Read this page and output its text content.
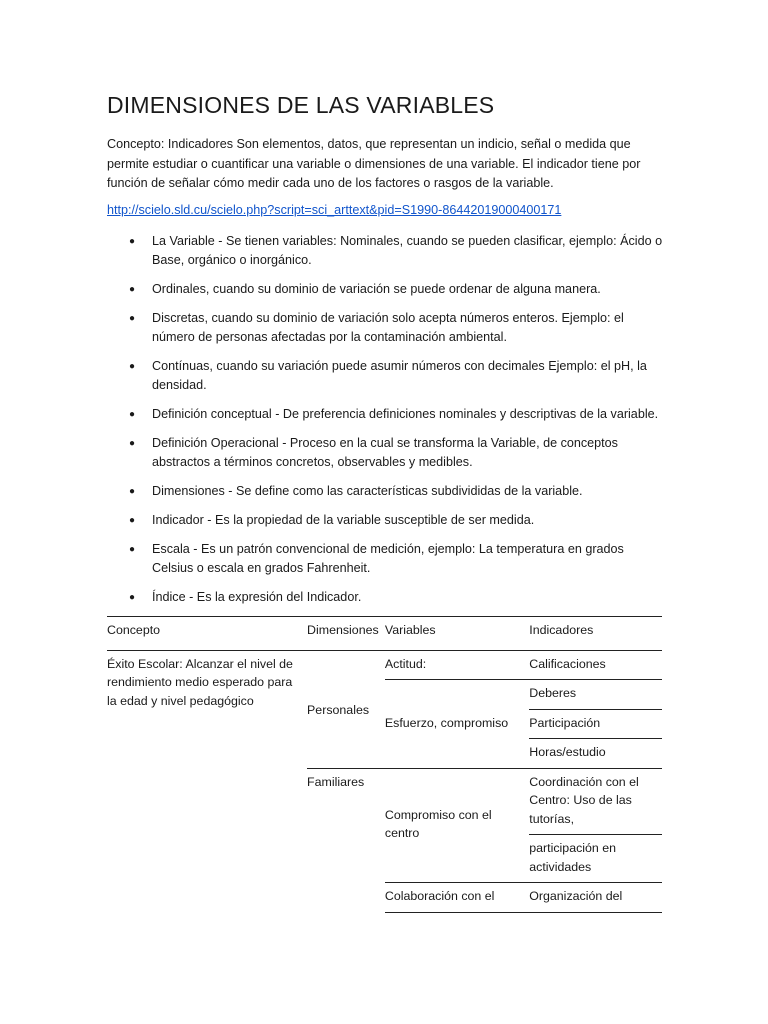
DIMENSIONES DE LAS VARIABLES

Concepto: Indicadores Son elementos, datos, que representan un indicio, señal o medida que permite estudiar o cuantificar una variable o dimensiones de una variable. El indicador tiene por función de señalar cómo medir cada uno de los factores o rasgos de la variable.

http://scielo.sld.cu/scielo.php?script=sci_arttext&pid=S1990-86442019000400171
● La Variable - Se tienen variables: Nominales, cuando se pueden clasificar, ejemplo: Ácido o Base, orgánico o inorgánico.
● Ordinales, cuando su dominio de variación se puede ordenar de alguna manera.
● Discretas, cuando su dominio de variación solo acepta números enteros. Ejemplo: el número de personas afectadas por la contaminación ambiental.
● Contínuas, cuando su variación puede asumir números con decimales Ejemplo: el pH, la densidad.
● Definición conceptual - De preferencia definiciones nominales y descriptivas de la variable.
● Definición Operacional - Proceso en la cual se transforma la Variable, de conceptos abstractos a términos concretos, observables y medibles.
● Dimensiones - Se define como las características subdivididas de la variable.
● Indicador - Es la propiedad de la variable susceptible de ser medida.
● Escala - Es un patrón convencional de medición, ejemplo: La temperatura en grados Celsius o escala en grados Fahrenheit.
● Índice - Es la expresión del Indicador.
Concepto	Dimensiones	Variables	Indicadores
Éxito Escolar: Alcanzar el nivel de rendimiento medio esperado para la edad y nivel pedagógico	Personales	Actitud:	Calificaciones
		Esfuerzo, compromiso	Deberes
			Participación
			Horas/estudio
	Familiares	Compromiso con el centro	Coordinación con el Centro: Uso de las tutorías,
			participación en actividades
		Colaboración con el	Organización del
